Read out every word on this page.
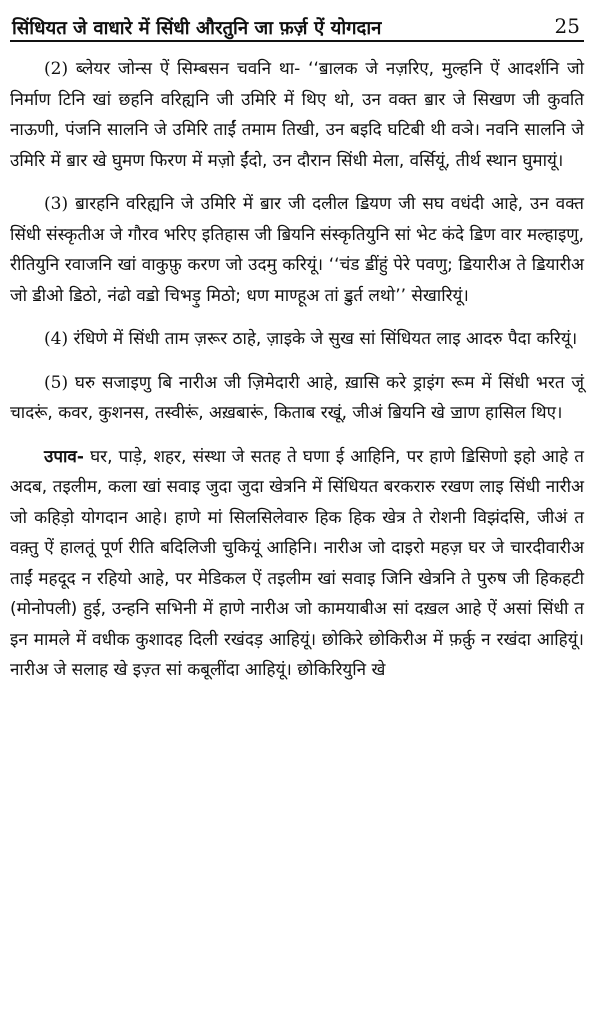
सिंधियत जे वाधारे में सिंधी औरतुनि जा फ़र्ज़ ऐं योगदान	25

(2) ब्लेयर जोन्स ऐं सिम्बसन चवनि था- ‘‘ॿालक जे नज़रिए, मुल्हनि ऐं आदर्शनि जो निर्माण टिनि खां छहनि वरिह्यनि जी उमिरि में थिए थो, उन वक्त ॿार जे सिखण जी कुवति नाऊणी, पंजनि सालनि जे उमिरि ताईं तमाम तिखी, उन बइदि घटिबी थी वञे। नवनि सालनि जे उमिरि में ॿार खे घुमण फिरण में मज़ो ईंदो, उन दौरान सिंधी मेला, वर्सियूं, तीर्थ स्थान घुमायूं।

(3) ॿारहनि वरिह्यनि जे उमिरि में ॿार जी दलील ॾियण जी सघ वधंदी आहे, उन वक्त सिंधी संस्कृतीअ जे गौरव भरिए इतिहास जी ॿियनि संस्कृतियुनि सां भेट कंदे ॾिण वार मल्हाइणु, रीतियुनि रवाजनि खां वाकुफ़ु करण जो उदमु करियूं। ‘‘चंड ॾींहुं पेरे पवणु; ॾियारीअ ते ॾियारीअ जो ॾीओ ॾिठो, नंढो वॾो चिभड़ु मिठो; धण माण्हूअ तां ॾुर्त लथो’’ सेखारियूं।

(4) रंधिणे में सिंधी ताम ज़रूर ठाहे, ज़ाइके जे सुख सां सिंधियत लाइ आदरु पैदा करियूं।

(5) घरु सजाइणु बि नारीअ जी ज़िमेदारी आहे, ख़ासि करे ड्राइंग रूम में सिंधी भरत जूं चादरूं, कवर, कुशनस, तस्वीरूं, अख़बारूं, किताब रखूं, जीअं ॿियनि खे ॼाण हासिल थिए।

उपाव- घर, पाड़े, शहर, संस्था जे सतह ते घणा ई आहिनि, पर हाणे ॾिसिणो इहो आहे त अदब, तइलीम, कला खां सवाइ जुदा जुदा खेत्रनि में सिंधियत बरकरारु रखण लाइ सिंधी नारीअ जो कहिड़ो योगदान आहे। हाणे मां सिलसिलेवारु हिक हिक खेत्र ते रोशनी विझंदसि, जीअं त वक़्तु ऐं हालतूं पूर्ण रीति बदिलिजी चुकियूं आहिनि। नारीअ जो दाइरो महज़ घर जे चारदीवारीअ ताईं महदूद न रहियो आहे, पर मेडिकल ऐं तइलीम खां सवाइ जिनि खेत्रनि ते पुरुष जी हिकहटी (मोनोपली) हुई, उन्हनि सभिनी में हाणे नारीअ जो कामयाबीअ सां दख़ल आहे ऐं असां सिंधी त इन मामले में वधीक कुशादह दिली रखंदड़ आहियूं। छोकिरे छोकिरीअ में फ़र्क़ु न रखंदा आहियूं। नारीअ जे सलाह खे इज़्त सां कबूलींदा आहियूं। छोकिरियुनि खे
